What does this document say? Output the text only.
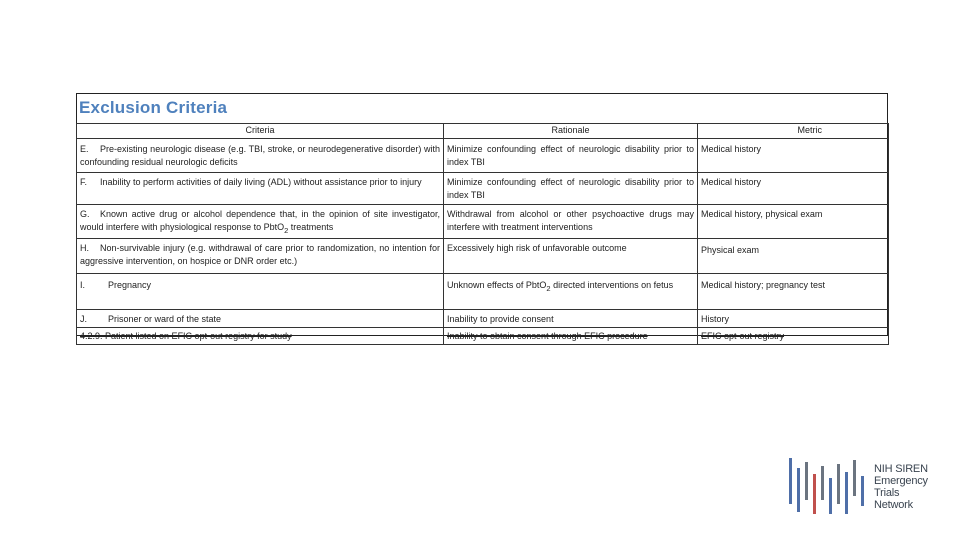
Exclusion Criteria
Criteria	Rationale	Metric
E. Pre-existing neurologic disease (e.g. TBI, stroke, or neurodegenerative disorder) with confounding residual neurologic deficits	Minimize confounding effect of neurologic disability prior to index TBI	Medical history
F. Inability to perform activities of daily living (ADL) without assistance prior to injury	Minimize confounding effect of neurologic disability prior to index TBI	Medical history
G. Known active drug or alcohol dependence that, in the opinion of site investigator, would interfere with physiological response to PbtO$_2$ treatments	Withdrawal from alcohol or other psychoactive drugs may interfere with treatment interventions	Medical history, physical exam
H. Non-survivable injury (e.g. withdrawal of care prior to randomization, no intention for aggressive intervention, on hospice or DNR order etc.)	Excessively high risk of unfavorable outcome	Physical exam
I. Pregnancy	Unknown effects of PbtO$_2$ directed interventions on fetus	Medical history; pregnancy test
J. Prisoner or ward of the state	Inability to provide consent	History
4.2.9. Patient listed on EFIC opt-out registry for study	Inability to obtain consent through EFIC procedure	EFIC opt-out registry
NIH SIREN
Emergency
Trials
Network
